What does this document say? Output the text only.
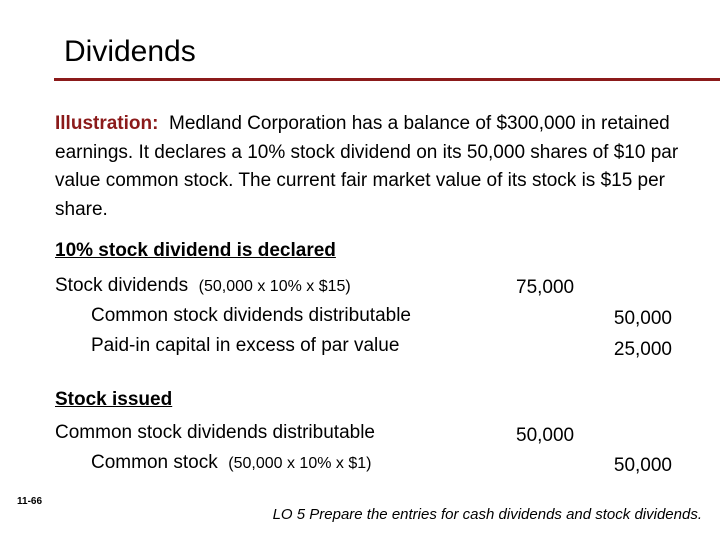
Dividends
Illustration: Medland Corporation has a balance of $300,000 in retained earnings. It declares a 10% stock dividend on its 50,000 shares of $10 par value common stock. The current fair market value of its stock is $15 per share.
10% stock dividend is declared
Stock dividends (50,000 x 10% x $15)	75,000
Common stock dividends distributable	50,000
Paid-in capital in excess of par value	25,000
Stock issued
Common stock dividends distributable	50,000
Common stock (50,000 x 10% x $1)	50,000
11-66
LO 5 Prepare the entries for cash dividends and stock dividends.
